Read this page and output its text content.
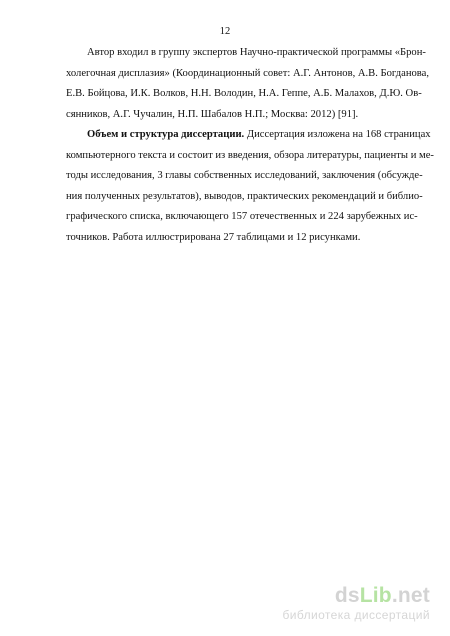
12
Автор входил в группу экспертов Научно-практической программы «Брон-
холегочная дисплазия» (Координационный совет: А.Г. Антонов, А.В. Богданова,
Е.В. Бойцова, И.К. Волков, Н.Н. Володин, Н.А. Геппе, А.Б. Малахов, Д.Ю. Ов-
сянников, А.Г. Чучалин, Н.П. Шабалов Н.П.; Москва: 2012) [91].
Объем и структура диссертации. Диссертация изложена на 168 страницах
компьютерного текста и состоит из введения, обзора литературы, пациенты и ме-
тоды исследования, 3 главы собственных исследований, заключения (обсужде-
ния полученных результатов), выводов, практических рекомендаций и библио-
графического списка, включающего 157 отечественных и 224 зарубежных ис-
точников. Работа иллюстрирована 27 таблицами и 12 рисунками.
ds Lib . net
библиотека диссертаций
